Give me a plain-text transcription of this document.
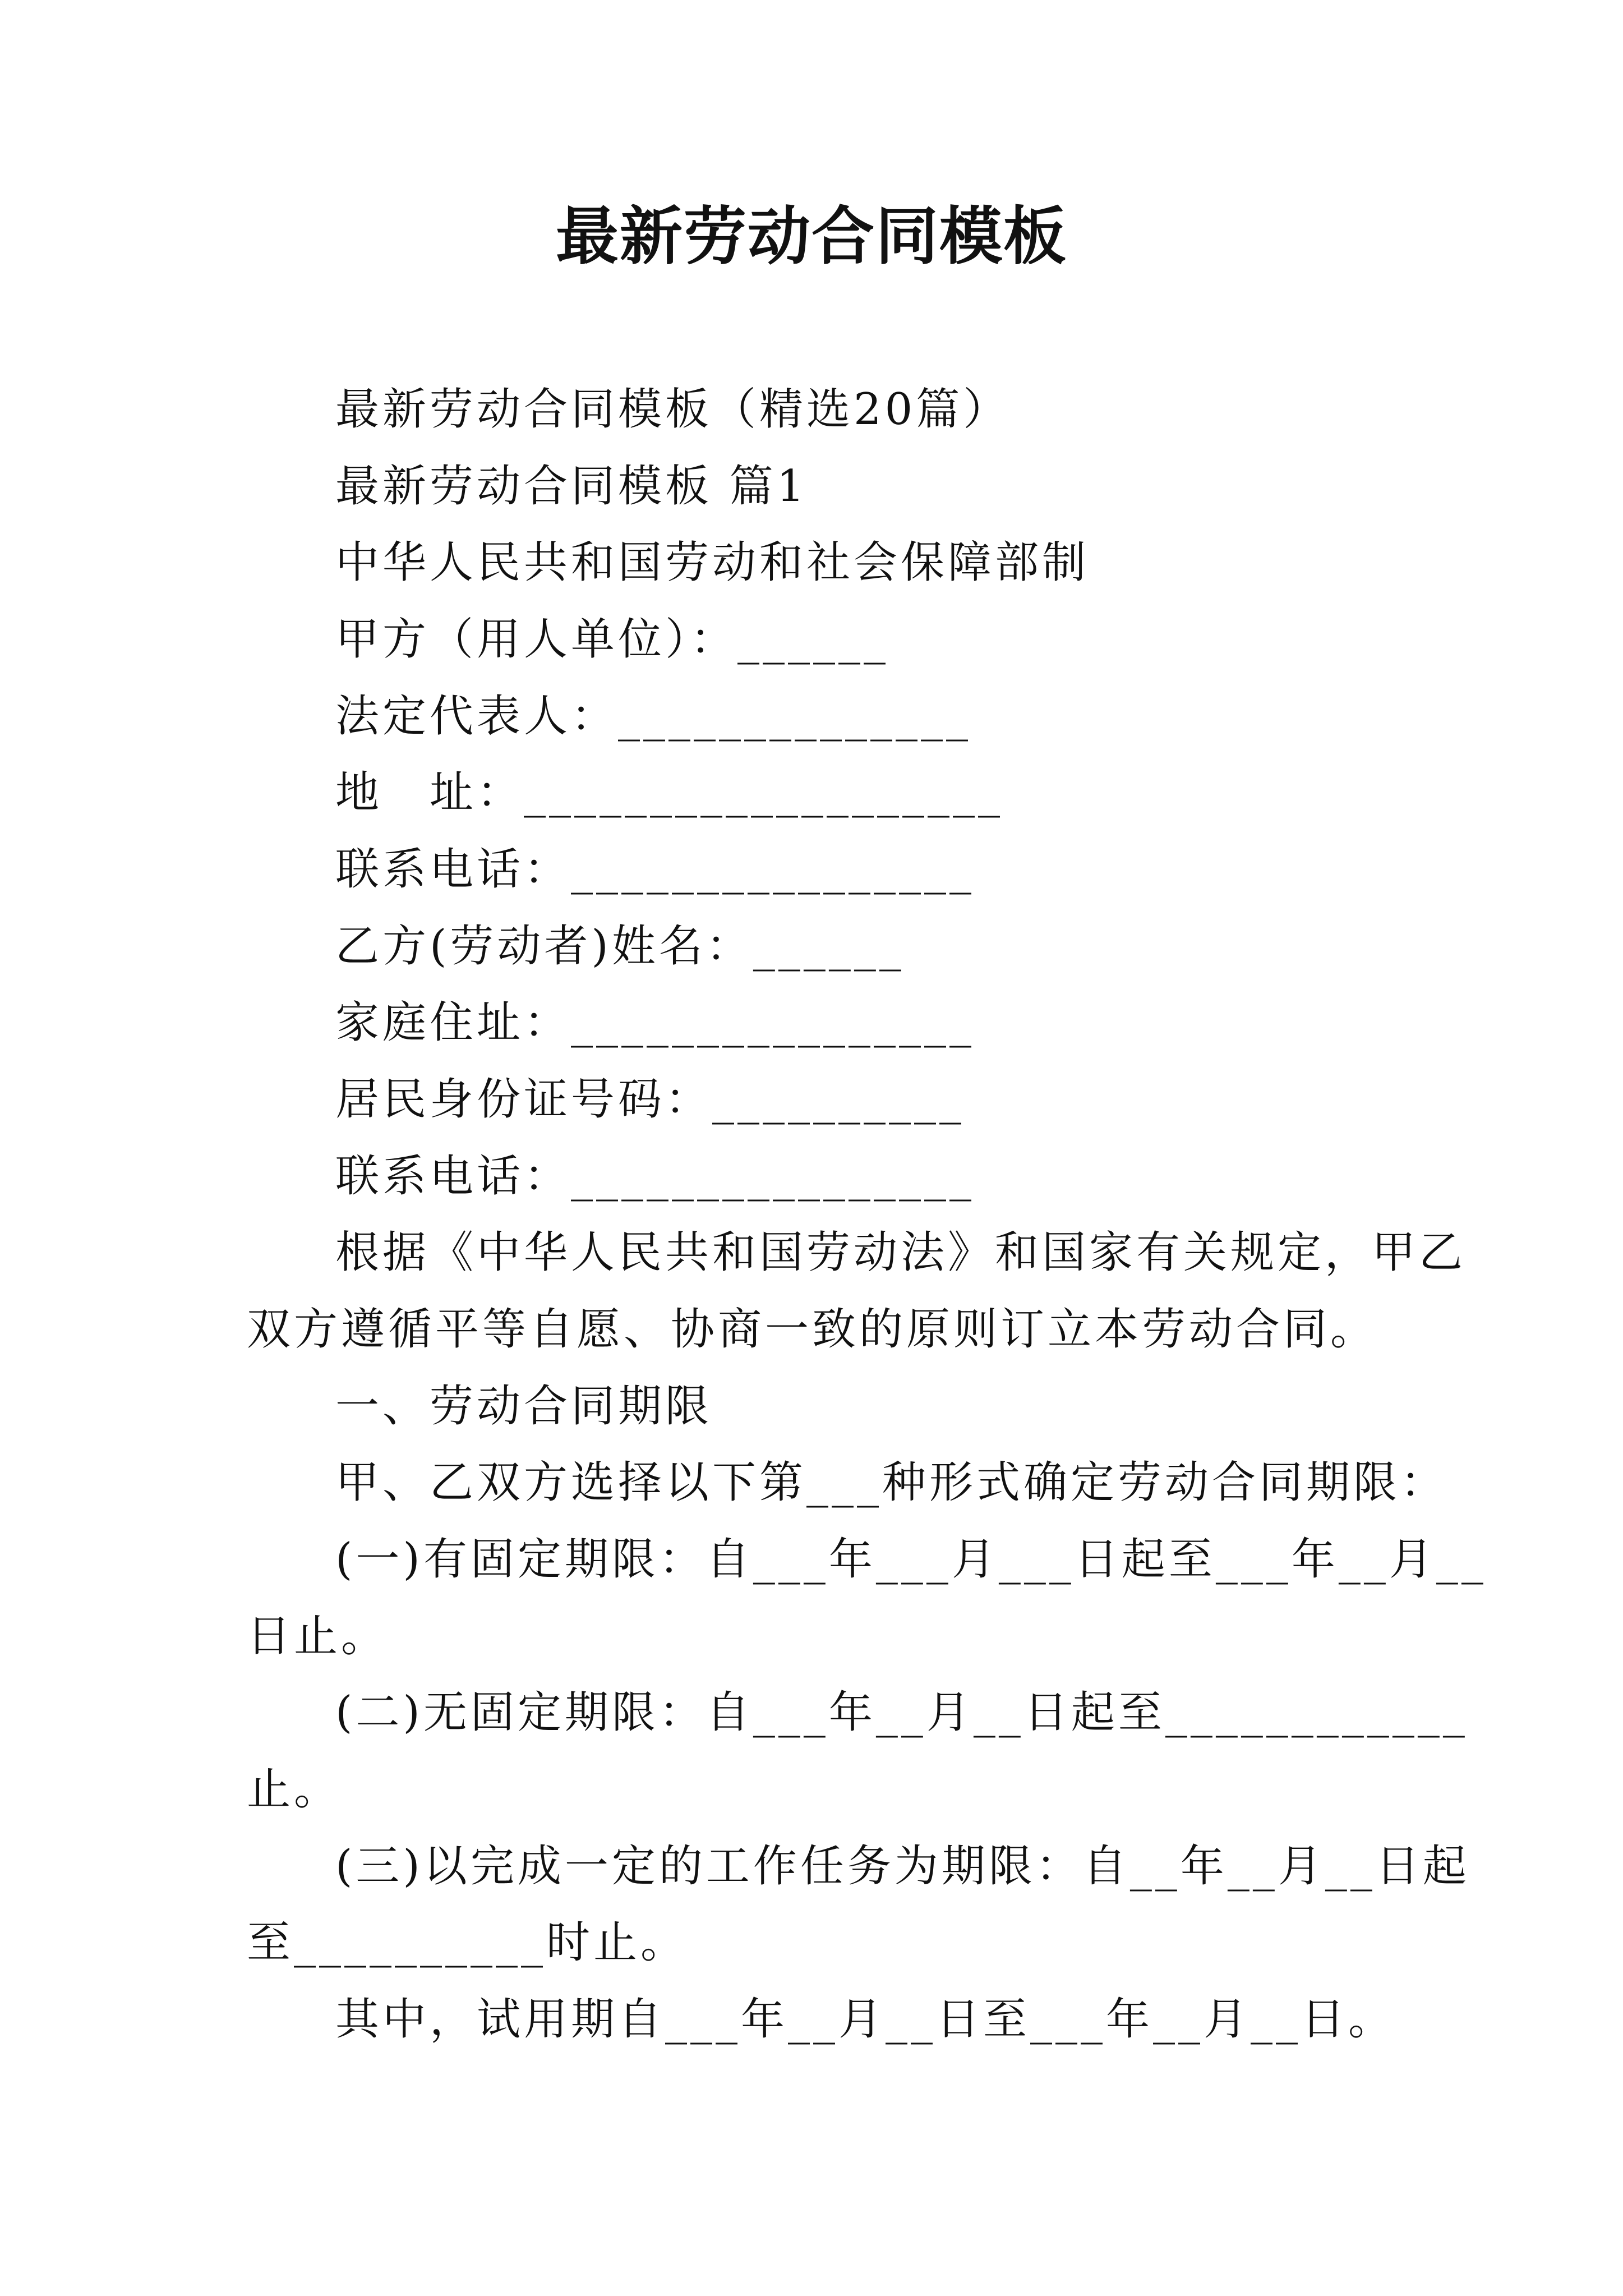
最新劳动合同模板
最新劳动合同模板（精选20篇）
最新劳动合同模板 篇1
中华人民共和国劳动和社会保障部制
甲方（用人单位）：______
法定代表人：______________
地　址：___________________
联系电话：________________
乙方(劳动者)姓名：______
家庭住址：________________
居民身份证号码：__________
联系电话：________________
根据《中华人民共和国劳动法》和国家有关规定，甲乙
双方遵循平等自愿、协商一致的原则订立本劳动合同。
一、劳动合同期限
甲、乙双方选择以下第___种形式确定劳动合同期限：
(一)有固定期限：自___年___月___日起至___年__月__
日止。
(二)无固定期限：自___年__月__日起至____________
止。
(三)以完成一定的工作任务为期限：自__年__月__日起
至__________时止。
其中，试用期自___年__月__日至___年__月__日。
